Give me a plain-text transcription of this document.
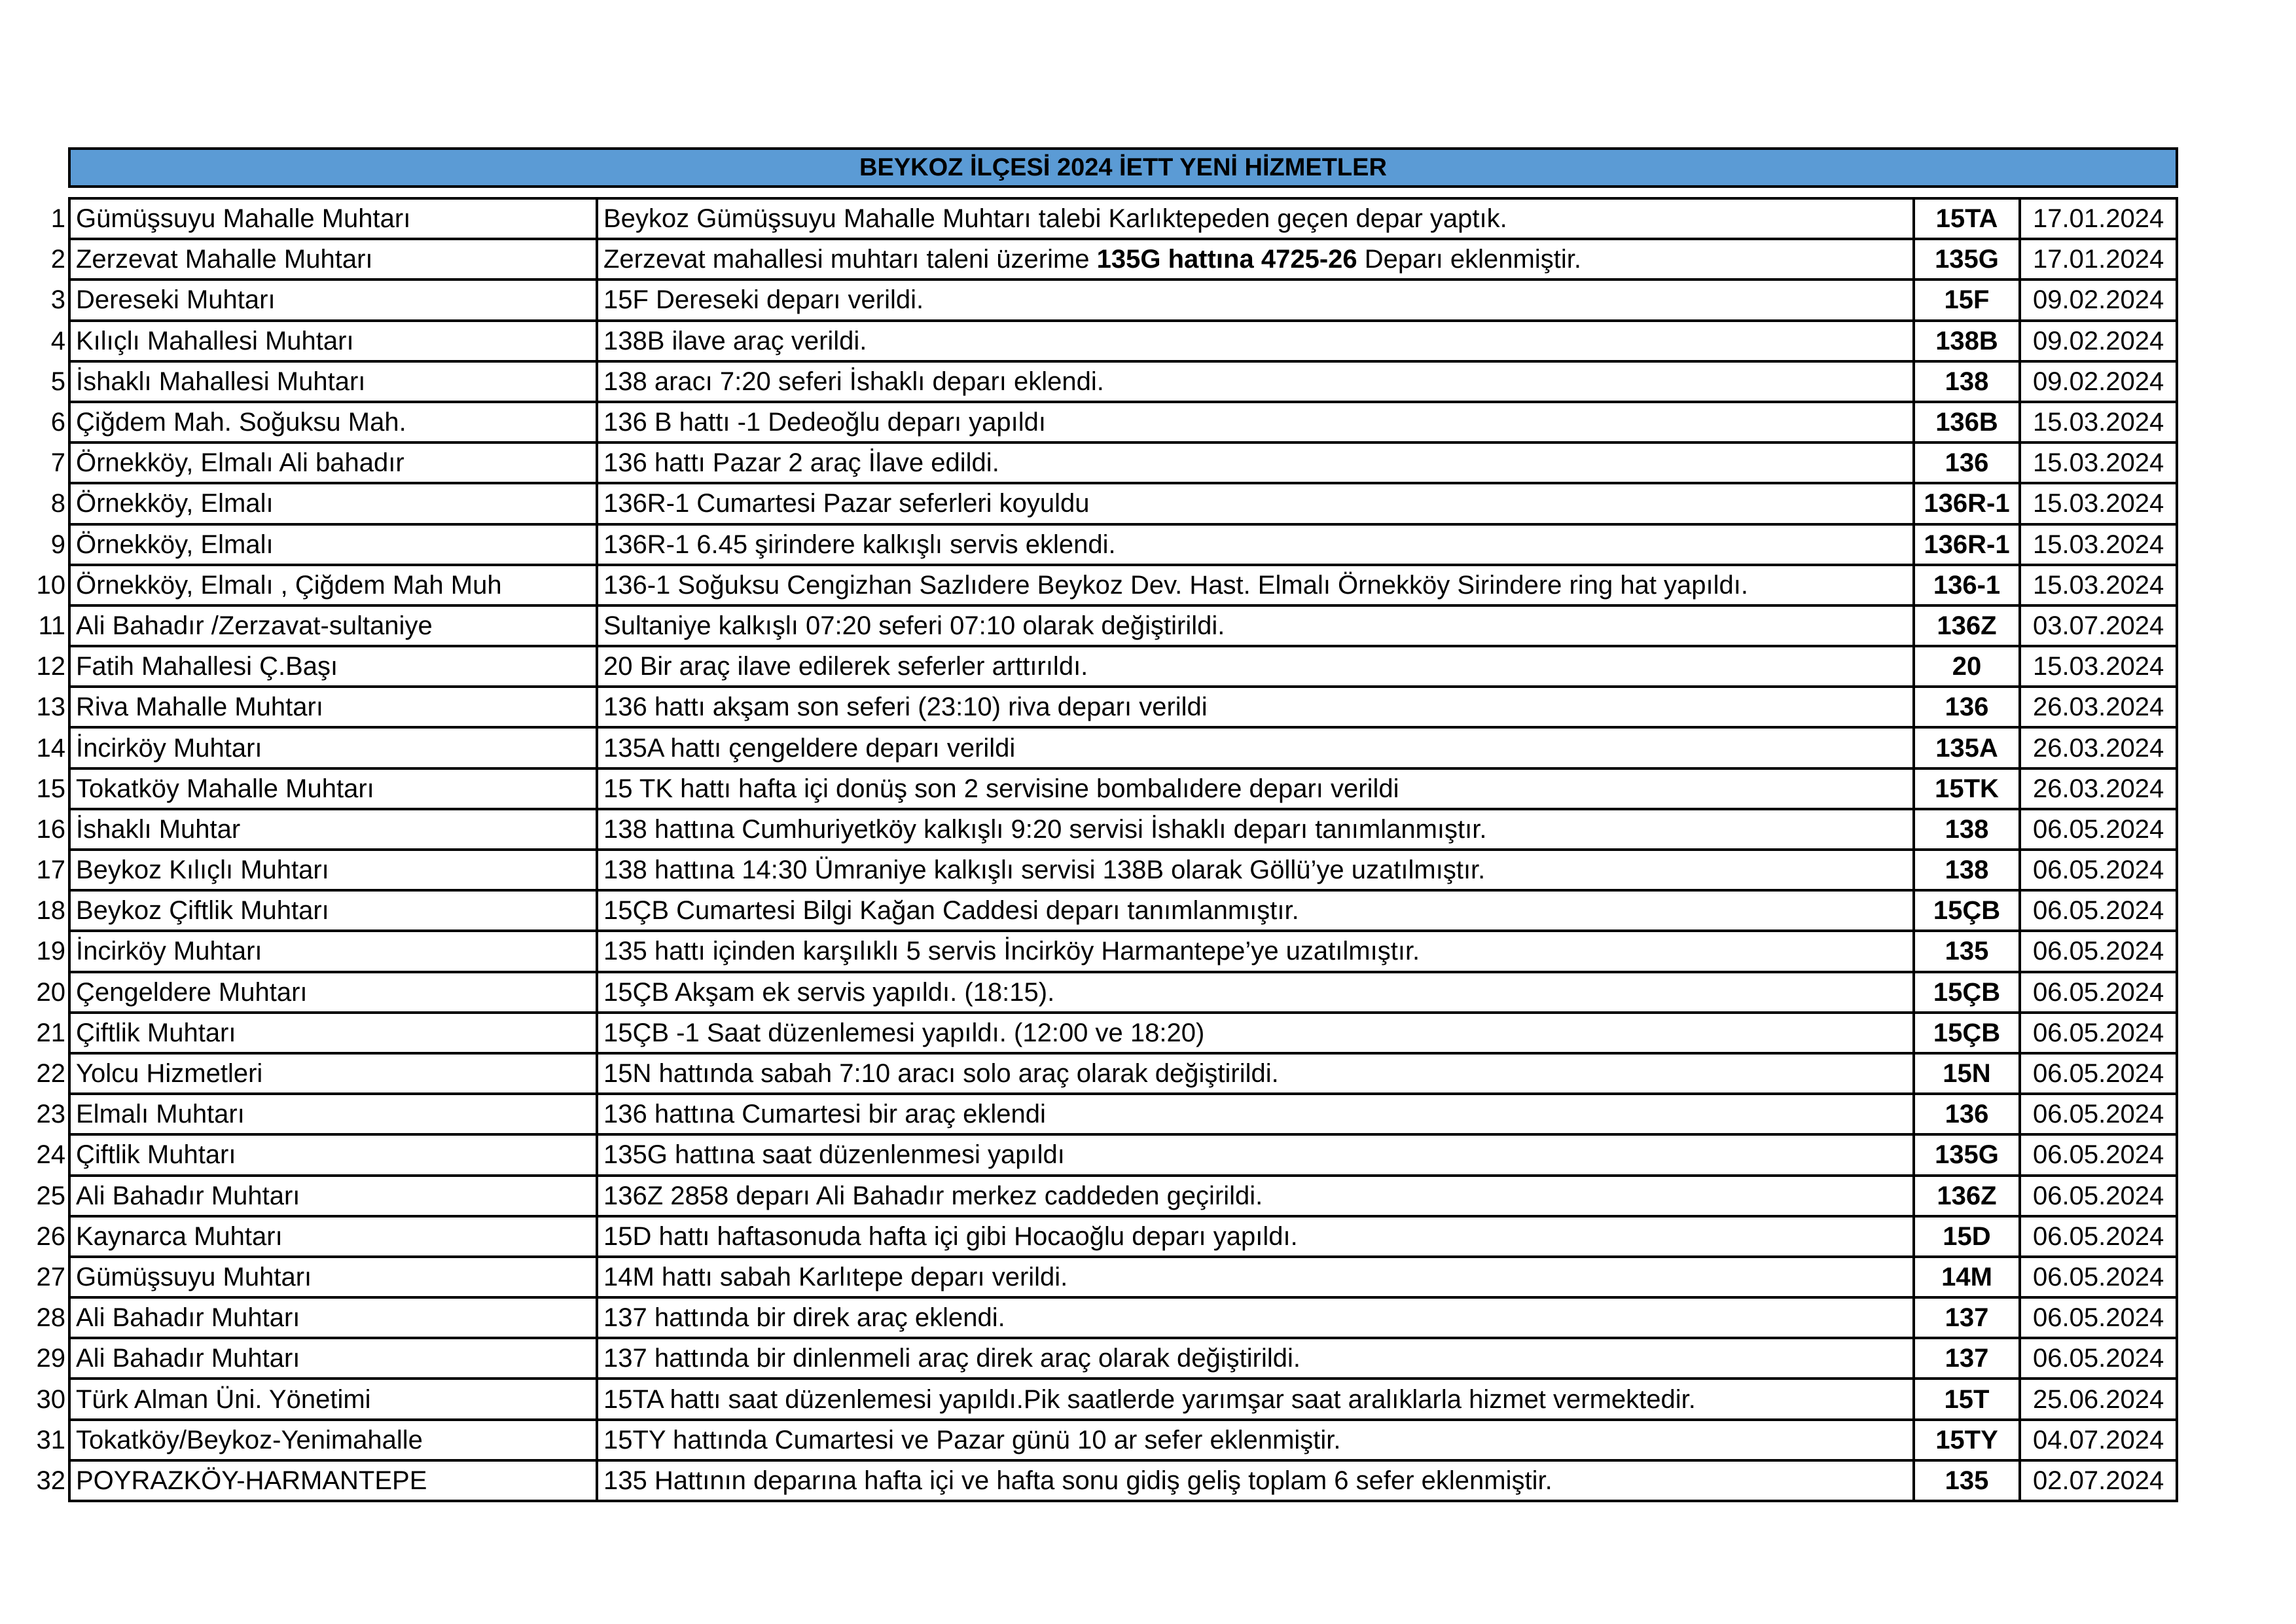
	BEYKOZ İLÇESİ 2024 İETT YENİ HİZMETLER			

1	Gümüşsuyu Mahalle Muhtarı	Beykoz Gümüşsuyu Mahalle Muhtarı talebi Karlıktepeden geçen depar yaptık.	15TA	17.01.2024
2	Zerzevat Mahalle Muhtarı	Zerzevat mahallesi muhtarı taleni üzerime 135G hattına 4725-26 Deparı eklenmiştir.	135G	17.01.2024
3	Dereseki Muhtarı	15F Dereseki deparı verildi.	15F	09.02.2024
4	Kılıçlı Mahallesi Muhtarı	138B ilave araç verildi.	138B	09.02.2024
5	İshaklı Mahallesi Muhtarı	138 aracı 7:20 seferi İshaklı deparı eklendi.	138	09.02.2024
6	Çiğdem Mah. Soğuksu Mah.	136 B hattı -1 Dedeoğlu deparı yapıldı	136B	15.03.2024
7	Örnekköy, Elmalı Ali bahadır	136 hattı Pazar 2 araç İlave edildi.	136	15.03.2024
8	Örnekköy, Elmalı	136R-1 Cumartesi Pazar seferleri koyuldu	136R-1	15.03.2024
9	Örnekköy, Elmalı	136R-1 6.45 şirindere kalkışlı servis eklendi.	136R-1	15.03.2024
10	Örnekköy, Elmalı , Çiğdem Mah Muh	136-1 Soğuksu Cengizhan Sazlıdere Beykoz Dev. Hast. Elmalı Örnekköy Sirindere ring hat yapıldı.	136-1	15.03.2024
11	Ali Bahadır /Zerzavat-sultaniye	Sultaniye kalkışlı 07:20 seferi 07:10 olarak değiştirildi.	136Z	03.07.2024
12	Fatih Mahallesi Ç.Başı	20 Bir araç ilave edilerek seferler arttırıldı.	20	15.03.2024
13	Riva Mahalle Muhtarı	136 hattı akşam son seferi (23:10) riva deparı verildi	136	26.03.2024
14	İncirköy Muhtarı	135A hattı çengeldere deparı verildi	135A	26.03.2024
15	Tokatköy Mahalle Muhtarı	15 TK hattı hafta içi donüş son 2 servisine bombalıdere deparı verildi	15TK	26.03.2024
16	İshaklı Muhtar	138 hattına Cumhuriyetköy kalkışlı 9:20 servisi İshaklı deparı tanımlanmıştır.	138	06.05.2024
17	Beykoz Kılıçlı Muhtarı	138 hattına 14:30 Ümraniye kalkışlı servisi 138B olarak Göllü’ye uzatılmıştır.	138	06.05.2024
18	Beykoz Çiftlik Muhtarı	15ÇB Cumartesi Bilgi Kağan Caddesi deparı tanımlanmıştır.	15ÇB	06.05.2024
19	İncirköy Muhtarı	135 hattı içinden karşılıklı 5 servis İncirköy Harmantepe’ye uzatılmıştır.	135	06.05.2024
20	Çengeldere Muhtarı	15ÇB Akşam ek servis yapıldı. (18:15).	15ÇB	06.05.2024
21	Çiftlik Muhtarı	15ÇB -1 Saat düzenlemesi yapıldı. (12:00 ve 18:20)	15ÇB	06.05.2024
22	Yolcu Hizmetleri	15N hattında sabah 7:10 aracı solo araç olarak değiştirildi.	15N	06.05.2024
23	Elmalı Muhtarı	136 hattına Cumartesi bir araç eklendi	136	06.05.2024
24	Çiftlik Muhtarı	135G hattına saat düzenlenmesi yapıldı	135G	06.05.2024
25	Ali Bahadır Muhtarı	136Z 2858 deparı Ali Bahadır merkez caddeden geçirildi.	136Z	06.05.2024
26	Kaynarca Muhtarı	15D hattı haftasonuda hafta içi gibi Hocaoğlu deparı yapıldı.	15D	06.05.2024
27	Gümüşsuyu Muhtarı	14M hattı sabah Karlıtepe deparı verildi.	14M	06.05.2024
28	Ali Bahadır Muhtarı	137 hattında bir direk araç eklendi.	137	06.05.2024
29	Ali Bahadır Muhtarı	137 hattında bir dinlenmeli araç direk araç olarak değiştirildi.	137	06.05.2024
30	Türk Alman Üni. Yönetimi	15TA hattı saat düzenlemesi yapıldı.Pik saatlerde yarımşar saat aralıklarla hizmet vermektedir.	15T	25.06.2024
31	Tokatköy/Beykoz-Yenimahalle	15TY hattında Cumartesi ve Pazar günü 10 ar sefer eklenmiştir.	15TY	04.07.2024
32	POYRAZKÖY-HARMANTEPE	135 Hattının deparına hafta içi ve hafta sonu gidiş geliş toplam 6 sefer eklenmiştir.	135	02.07.2024
